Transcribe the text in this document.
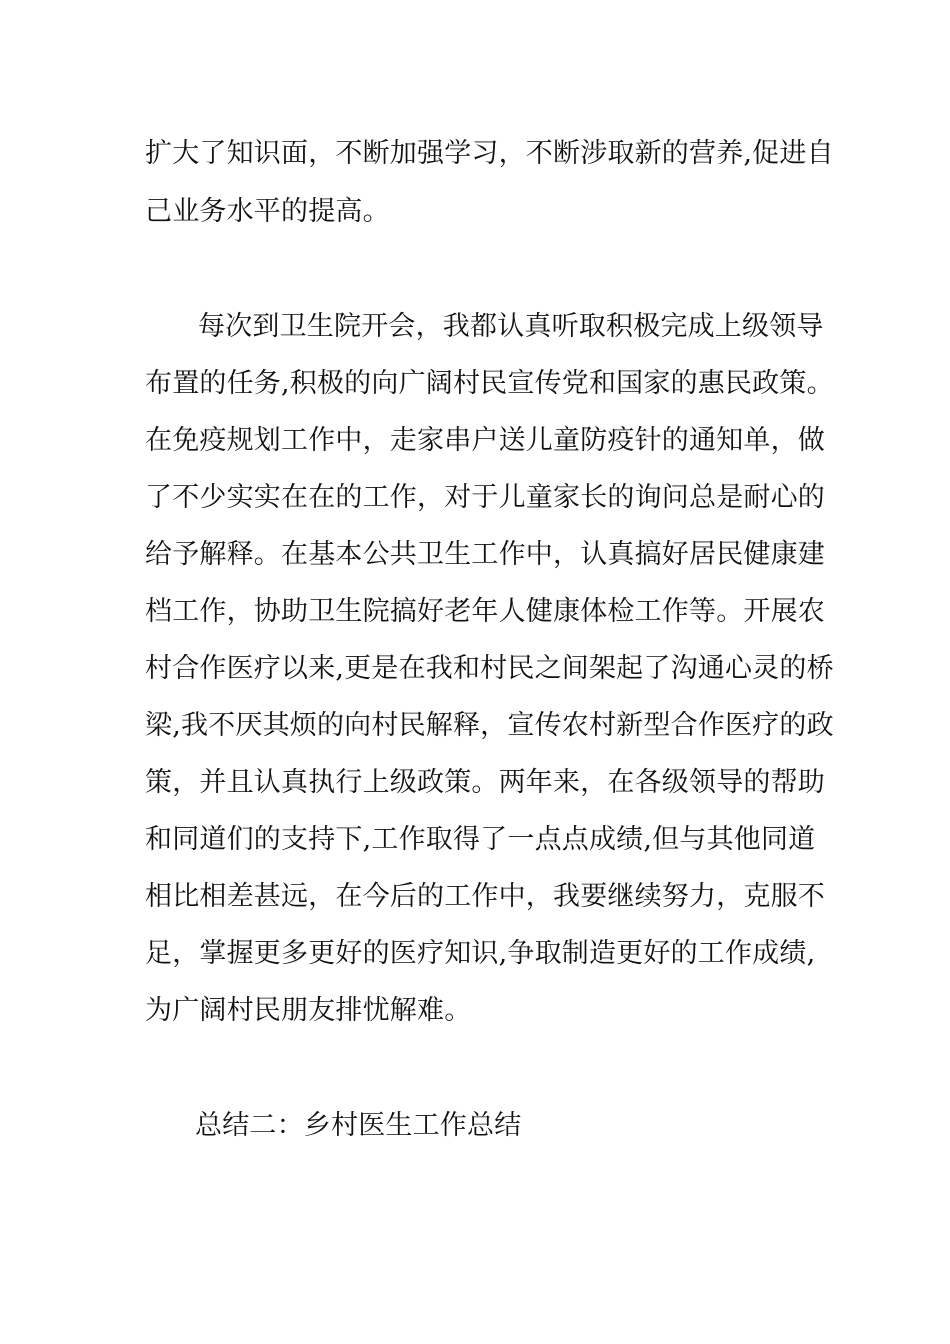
扩大了知识面，不断加强学习，不断涉取新的营养,促进自
己业务水平的提高。
每次到卫生院开会，我都认真听取积极完成上级领导
布置的任务,积极的向广阔村民宣传党和国家的惠民政策。
在免疫规划工作中，走家串户送儿童防疫针的通知单，做
了不少实实在在的工作，对于儿童家长的询问总是耐心的
给予解释。在基本公共卫生工作中，认真搞好居民健康建
档工作，协助卫生院搞好老年人健康体检工作等。开展农
村合作医疗以来,更是在我和村民之间架起了沟通心灵的桥
梁,我不厌其烦的向村民解释，宣传农村新型合作医疗的政
策，并且认真执行上级政策。两年来，在各级领导的帮助
和同道们的支持下,工作取得了一点点成绩,但与其他同道
相比相差甚远，在今后的工作中，我要继续努力，克服不
足，掌握更多更好的医疗知识,争取制造更好的工作成绩,
为广阔村民朋友排忧解难。
总结二：乡村医生工作总结
